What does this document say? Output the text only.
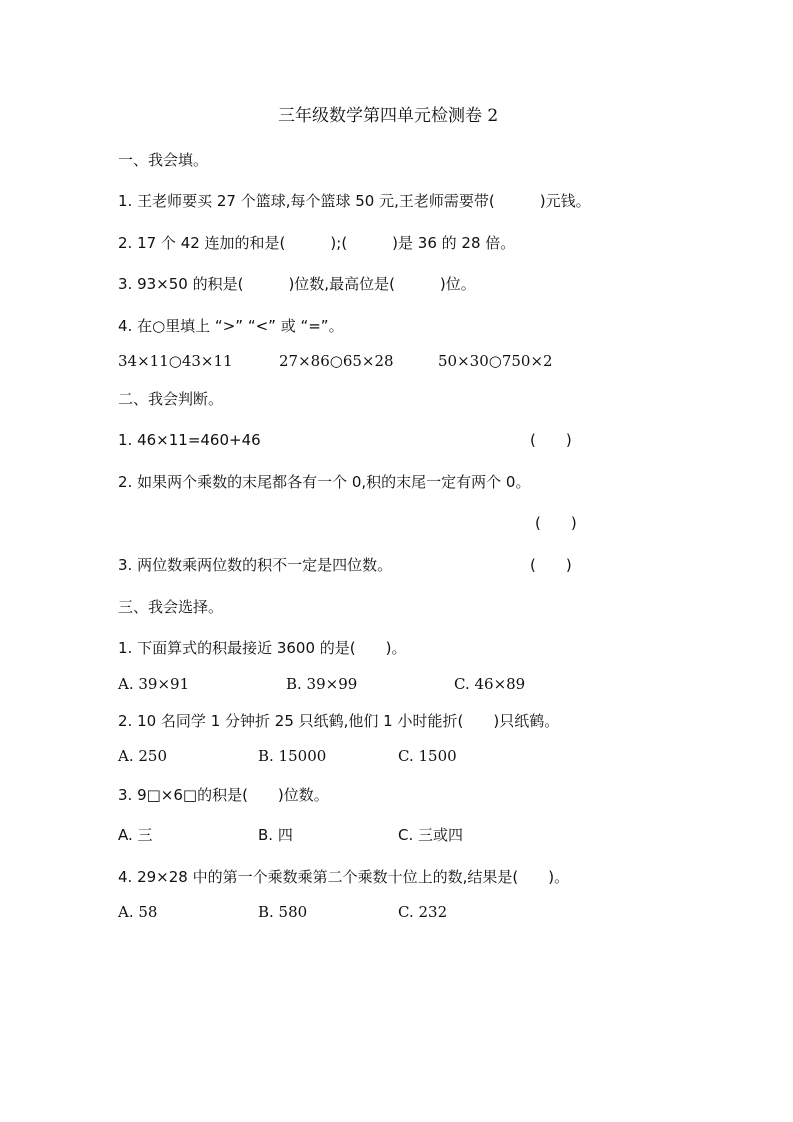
三年级数学第四单元检测卷 2
一、我会填。
1. 王老师要买 27 个篮球,每个篮球 50 元,王老师需要带(　　　)元钱。
2. 17 个 42 连加的和是(　　　);(　　　)是 36 的 28 倍。
3. 93×50 的积是(　　　)位数,最高位是(　　　)位。
4. 在○里填上 “>” “<” 或 “=”。
34×11○43×11	27×86○65×28	50×30○750×2
二、我会判断。
1. 46×11=460+46	(　　)
2. 如果两个乘数的末尾都各有一个 0,积的末尾一定有两个 0。
(　　)
3. 两位数乘两位数的积不一定是四位数。	(　　)
三、我会选择。
1. 下面算式的积最接近 3600 的是(　　)。
A. 39×91	B. 39×99	C. 46×89
2. 10 名同学 1 分钟折 25 只纸鹤,他们 1 小时能折(　　)只纸鹤。
A. 250	B. 15000	C. 1500
3. 9□×6□的积是(　　)位数。
A. 三	B. 四	C. 三或四
4. 29×28 中的第一个乘数乘第二个乘数十位上的数,结果是(　　)。
A. 58	B. 580	C. 232
